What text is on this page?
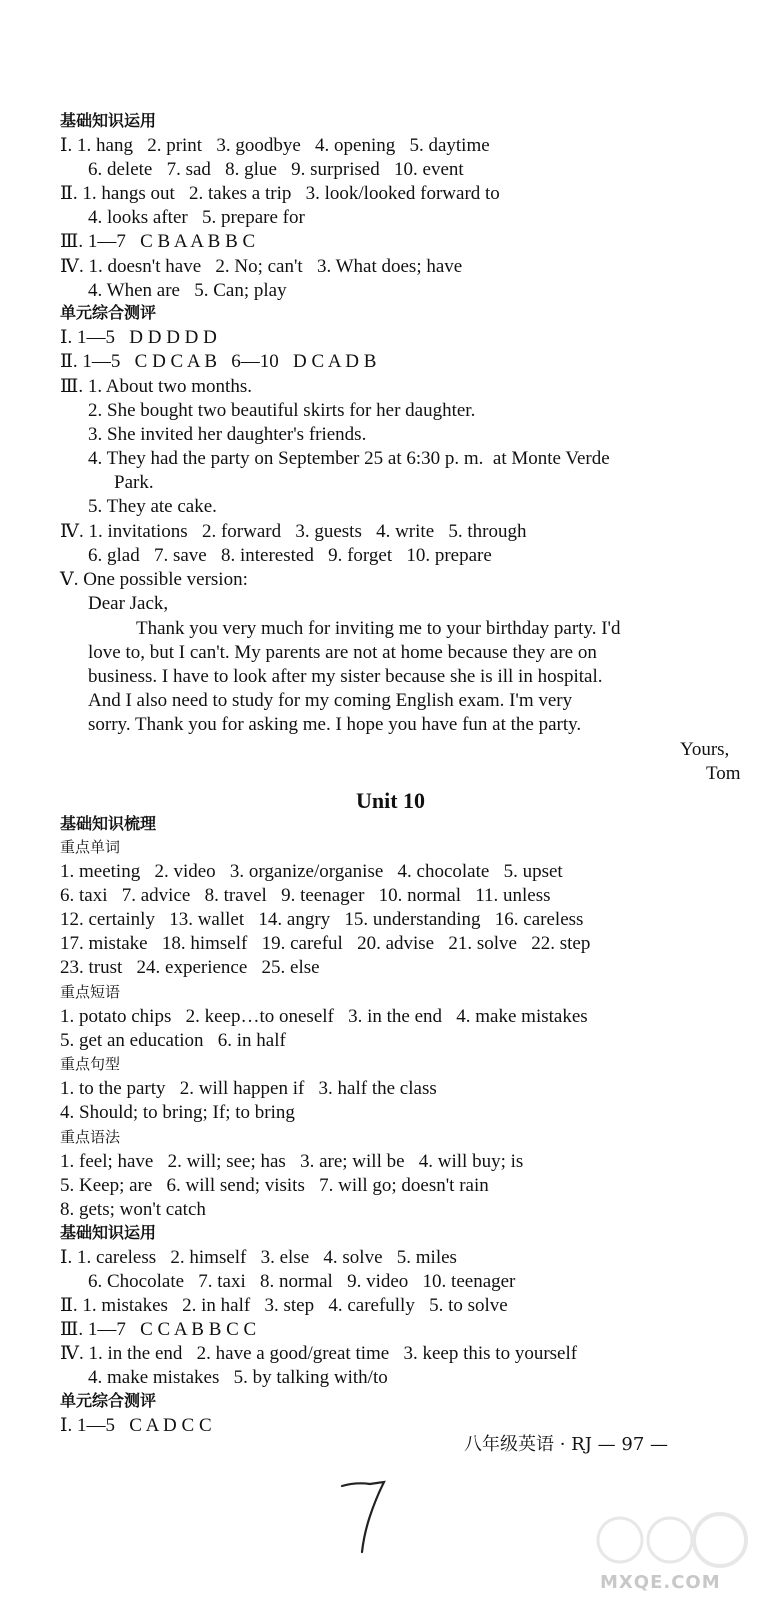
基础知识运用
Ⅰ. 1. hang   2. print   3. goodbye   4. opening   5. daytime
6. delete   7. sad   8. glue   9. surprised   10. event
Ⅱ. 1. hangs out   2. takes a trip   3. look/looked forward to
4. looks after   5. prepare for
Ⅲ. 1—7   C B A A B B C
Ⅳ. 1. doesn't have   2. No; can't   3. What does; have
4. When are   5. Can; play
单元综合测评
Ⅰ. 1—5   D D D D D
Ⅱ. 1—5   C D C A B   6—10   D C A D B
Ⅲ. 1. About two months.
2. She bought two beautiful skirts for her daughter.
3. She invited her daughter's friends.
4. They had the party on September 25 at 6:30 p. m.  at Monte Verde
Park.
5. They ate cake.
Ⅳ. 1. invitations   2. forward   3. guests   4. write   5. through
6. glad   7. save   8. interested   9. forget   10. prepare
Ⅴ. One possible version:
Dear Jack,
Thank you very much for inviting me to your birthday party. I'd
love to, but I can't. My parents are not at home because they are on
business. I have to look after my sister because she is ill in hospital.
And I also need to study for my coming English exam. I'm very
sorry. Thank you for asking me. I hope you have fun at the party.
Yours,
Tom
Unit 10
基础知识梳理
重点单词
1. meeting   2. video   3. organize/organise   4. chocolate   5. upset
6. taxi   7. advice   8. travel   9. teenager   10. normal   11. unless
12. certainly   13. wallet   14. angry   15. understanding   16. careless
17. mistake   18. himself   19. careful   20. advise   21. solve   22. step
23. trust   24. experience   25. else
重点短语
1. potato chips   2. keep…to oneself   3. in the end   4. make mistakes
5. get an education   6. in half
重点句型
1. to the party   2. will happen if   3. half the class
4. Should; to bring; If; to bring
重点语法
1. feel; have   2. will; see; has   3. are; will be   4. will buy; is
5. Keep; are   6. will send; visits   7. will go; doesn't rain
8. gets; won't catch
基础知识运用
Ⅰ. 1. careless   2. himself   3. else   4. solve   5. miles
6. Chocolate   7. taxi   8. normal   9. video   10. teenager
Ⅱ. 1. mistakes   2. in half   3. step   4. carefully   5. to solve
Ⅲ. 1—7   C C A B B C C
Ⅳ. 1. in the end   2. have a good/great time   3. keep this to yourself
4. make mistakes   5. by talking with/to
单元综合测评
Ⅰ. 1—5   C A D C C
八年级英语 · RJ — 97 —
MXQE.COM
